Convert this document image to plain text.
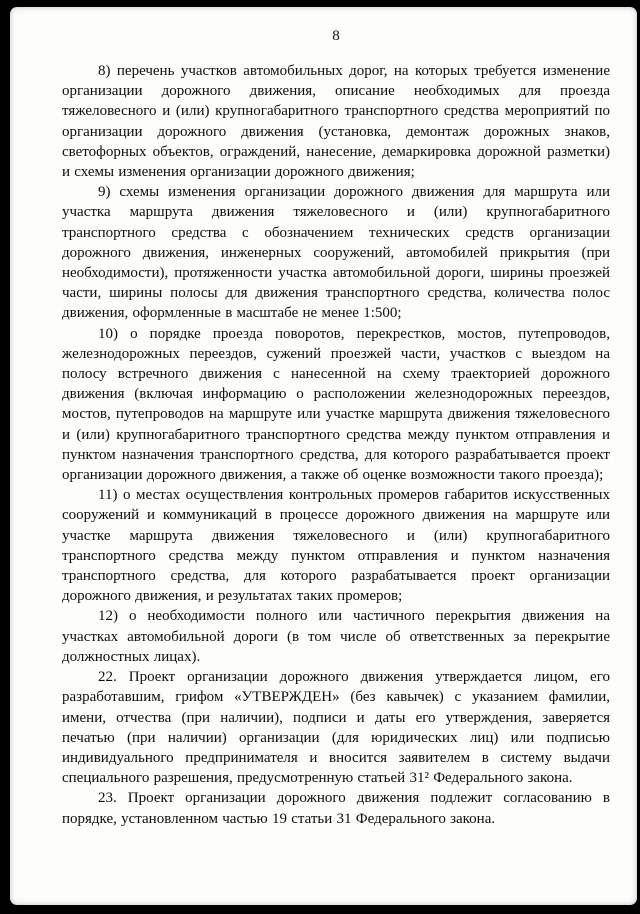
8

8) перечень участков автомобильных дорог, на которых требуется изменение организации дорожного движения, описание необходимых для проезда тяжеловесного и (или) крупногабаритного транспортного средства мероприятий по организации дорожного движения (установка, демонтаж дорожных знаков, светофорных объектов, ограждений, нанесение, демаркировка дорожной разметки) и схемы изменения организации дорожного движения;

9) схемы изменения организации дорожного движения для маршрута или участка маршрута движения тяжеловесного и (или) крупногабаритного транспортного средства с обозначением технических средств организации дорожного движения, инженерных сооружений, автомобилей прикрытия (при необходимости), протяженности участка автомобильной дороги, ширины проезжей части, ширины полосы для движения транспортного средства, количества полос движения, оформленные в масштабе не менее 1:500;

10) о порядке проезда поворотов, перекрестков, мостов, путепроводов, железнодорожных переездов, сужений проезжей части, участков с выездом на полосу встречного движения с нанесенной на схему траекторией дорожного движения (включая информацию о расположении железнодорожных переездов, мостов, путепроводов на маршруте или участке маршрута движения тяжеловесного и (или) крупногабаритного транспортного средства между пунктом отправления и пунктом назначения транспортного средства, для которого разрабатывается проект организации дорожного движения, а также об оценке возможности такого проезда);

11) о местах осуществления контрольных промеров габаритов искусственных сооружений и коммуникаций в процессе дорожного движения на маршруте или участке маршрута движения тяжеловесного и (или) крупногабаритного транспортного средства между пунктом отправления и пунктом назначения транспортного средства, для которого разрабатывается проект организации дорожного движения, и результатах таких промеров;

12) о необходимости полного или частичного перекрытия движения на участках автомобильной дороги (в том числе об ответственных за перекрытие должностных лицах).

22. Проект организации дорожного движения утверждается лицом, его разработавшим, грифом «УТВЕРЖДЕН» (без кавычек) с указанием фамилии, имени, отчества (при наличии), подписи и даты его утверждения, заверяется печатью (при наличии) организации (для юридических лиц) или подписью индивидуального предпринимателя и вносится заявителем в систему выдачи специального разрешения, предусмотренную статьей 31² Федерального закона.

23. Проект организации дорожного движения подлежит согласованию в порядке, установленном частью 19 статьи 31 Федерального закона.
